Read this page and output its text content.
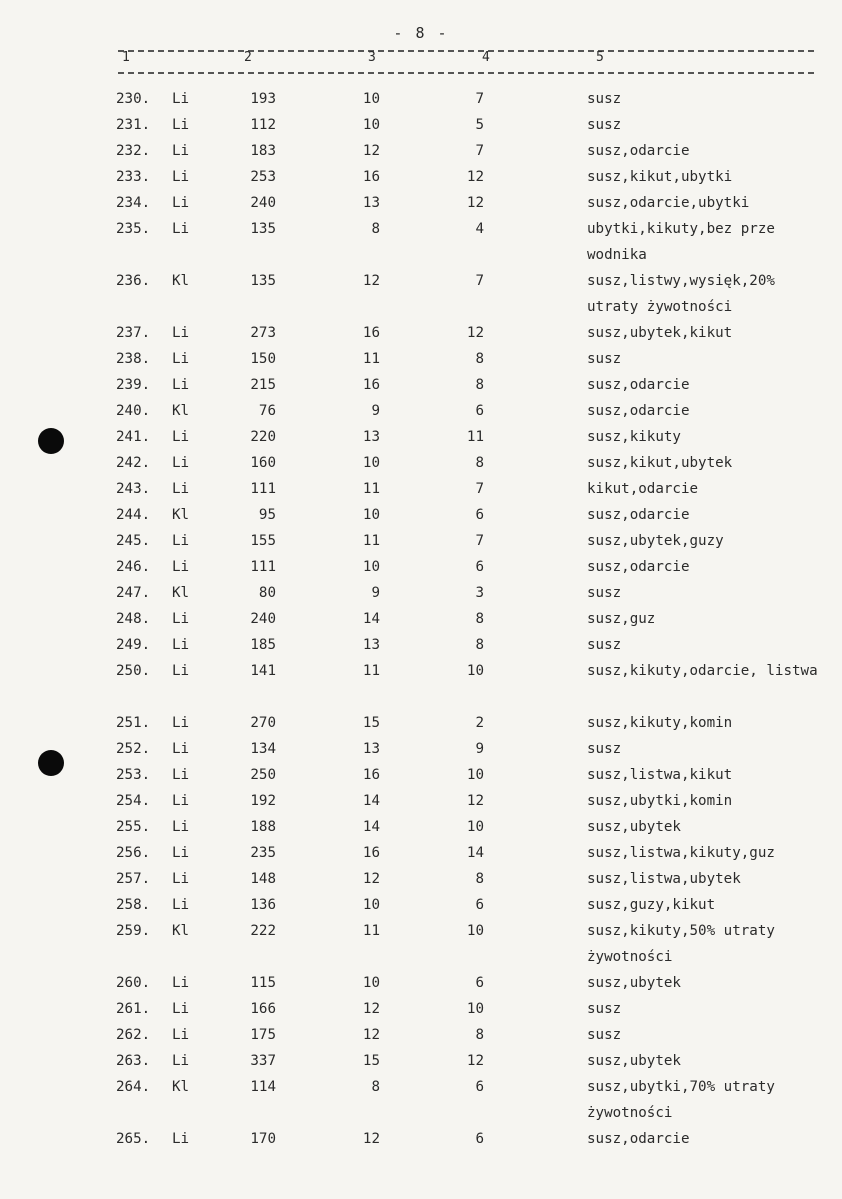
- 8 -
1	2	3	4	5
230.	Li	193	10	7	susz
231.	Li	112	10	5	susz
232.	Li	183	12	7	susz,odarcie
233.	Li	253	16	12	susz,kikut,ubytki
234.	Li	240	13	12	susz,odarcie,ubytki
235.	Li	135	8	4	ubytki,kikuty,bez prze wodnika
236.	Kl	135	12	7	susz,listwy,wysięk,20% utraty żywotności
237.	Li	273	16	12	susz,ubytek,kikut
238.	Li	150	11	8	susz
239.	Li	215	16	8	susz,odarcie
240.	Kl	76	9	6	susz,odarcie
241.	Li	220	13	11	susz,kikuty
242.	Li	160	10	8	susz,kikut,ubytek
243.	Li	111	11	7	kikut,odarcie
244.	Kl	95	10	6	susz,odarcie
245.	Li	155	11	7	susz,ubytek,guzy
246.	Li	111	10	6	susz,odarcie
247.	Kl	80	9	3	susz
248.	Li	240	14	8	susz,guz
249.	Li	185	13	8	susz
250.	Li	141	11	10	susz,kikuty,odarcie, listwa
251.	Li	270	15	2	susz,kikuty,komin
252.	Li	134	13	9	susz
253.	Li	250	16	10	susz,listwa,kikut
254.	Li	192	14	12	susz,ubytki,komin
255.	Li	188	14	10	susz,ubytek
256.	Li	235	16	14	susz,listwa,kikuty,guz
257.	Li	148	12	8	susz,listwa,ubytek
258.	Li	136	10	6	susz,guzy,kikut
259.	Kl	222	11	10	susz,kikuty,50% utraty żywotności
260.	Li	115	10	6	susz,ubytek
261.	Li	166	12	10	susz
262.	Li	175	12	8	susz
263.	Li	337	15	12	susz,ubytek
264.	Kl	114	8	6	susz,ubytki,70% utraty żywotności
265.	Li	170	12	6	susz,odarcie
